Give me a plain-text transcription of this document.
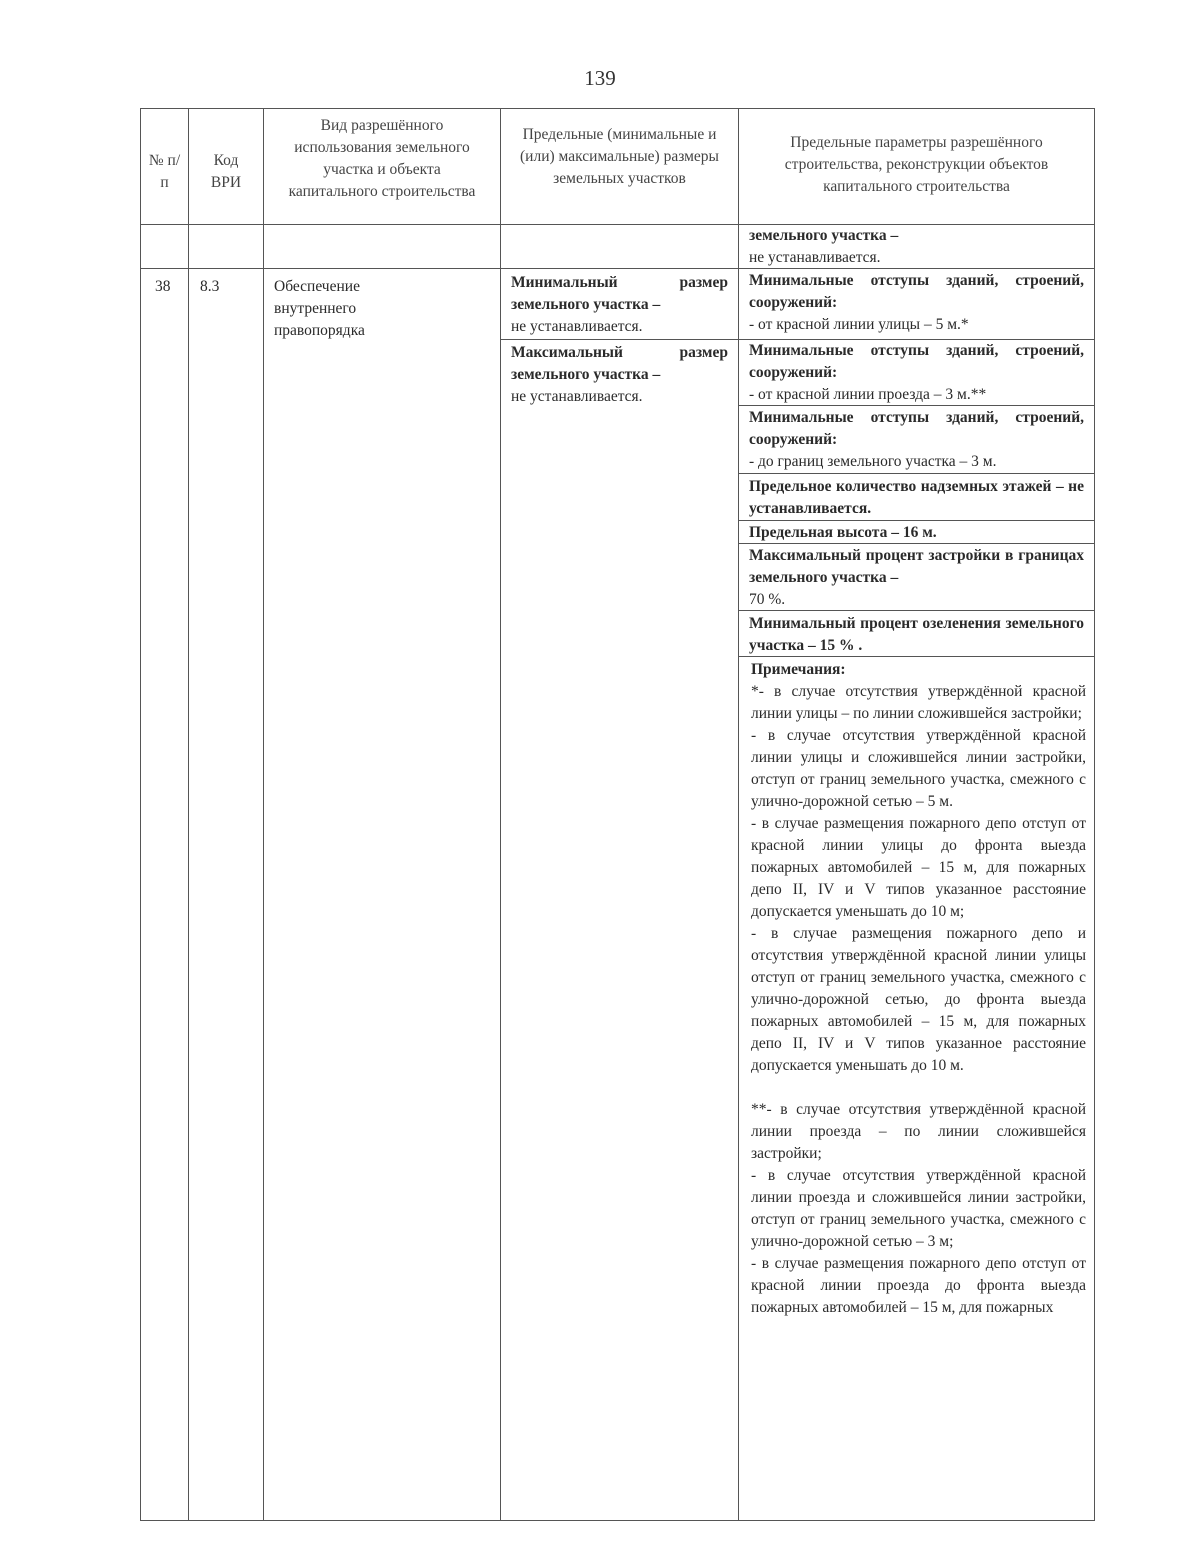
139
№ п/п
Код ВРИ
Вид разрешённого использования земельного участка и объекта капитального строительства
Предельные (минимальные и (или) максимальные) размеры земельных участков
Предельные параметры разрешённого строительства, реконструкции объектов капитального строительства
земельного участка –
не устанавливается.
38	8.3	Обеспечение внутреннего правопорядка
Минимальный размер земельного участка –
не устанавливается.
Максимальный размер земельного участка –
не устанавливается.
Минимальные отступы зданий, строений, сооружений:
- от красной линии улицы – 5 м.*
Минимальные отступы зданий, строений, сооружений:
- от красной линии проезда – 3 м.**
Минимальные отступы зданий, строений, сооружений:
- до границ земельного участка – 3 м.
Предельное количество надземных этажей – не устанавливается.
Предельная высота – 16 м.
Максимальный процент застройки в границах земельного участка –
70 %.
Минимальный процент озеленения земельного участка – 15 % .
Примечания:
*- в случае отсутствия утверждённой красной линии улицы – по линии сложившейся застройки;
- в случае отсутствия утверждённой красной линии улицы и сложившейся линии застройки, отступ от границ земельного участка, смежного с улично-дорожной сетью – 5 м.
- в случае размещения пожарного депо отступ от красной линии улицы до фронта выезда пожарных автомобилей – 15 м, для пожарных депо II, IV и V типов указанное расстояние допускается уменьшать до 10 м;
- в случае размещения пожарного депо и отсутствия утверждённой красной линии улицы отступ от границ земельного участка, смежного с улично-дорожной сетью, до фронта выезда пожарных автомобилей – 15 м, для пожарных депо II, IV и V типов указанное расстояние допускается уменьшать до 10 м.
**- в случае отсутствия утверждённой красной линии проезда – по линии сложившейся застройки;
- в случае отсутствия утверждённой красной линии проезда и сложившейся линии застройки, отступ от границ земельного участка, смежного с улично-дорожной сетью – 3 м;
- в случае размещения пожарного депо отступ от красной линии проезда до фронта выезда пожарных автомобилей – 15 м, для пожарных
